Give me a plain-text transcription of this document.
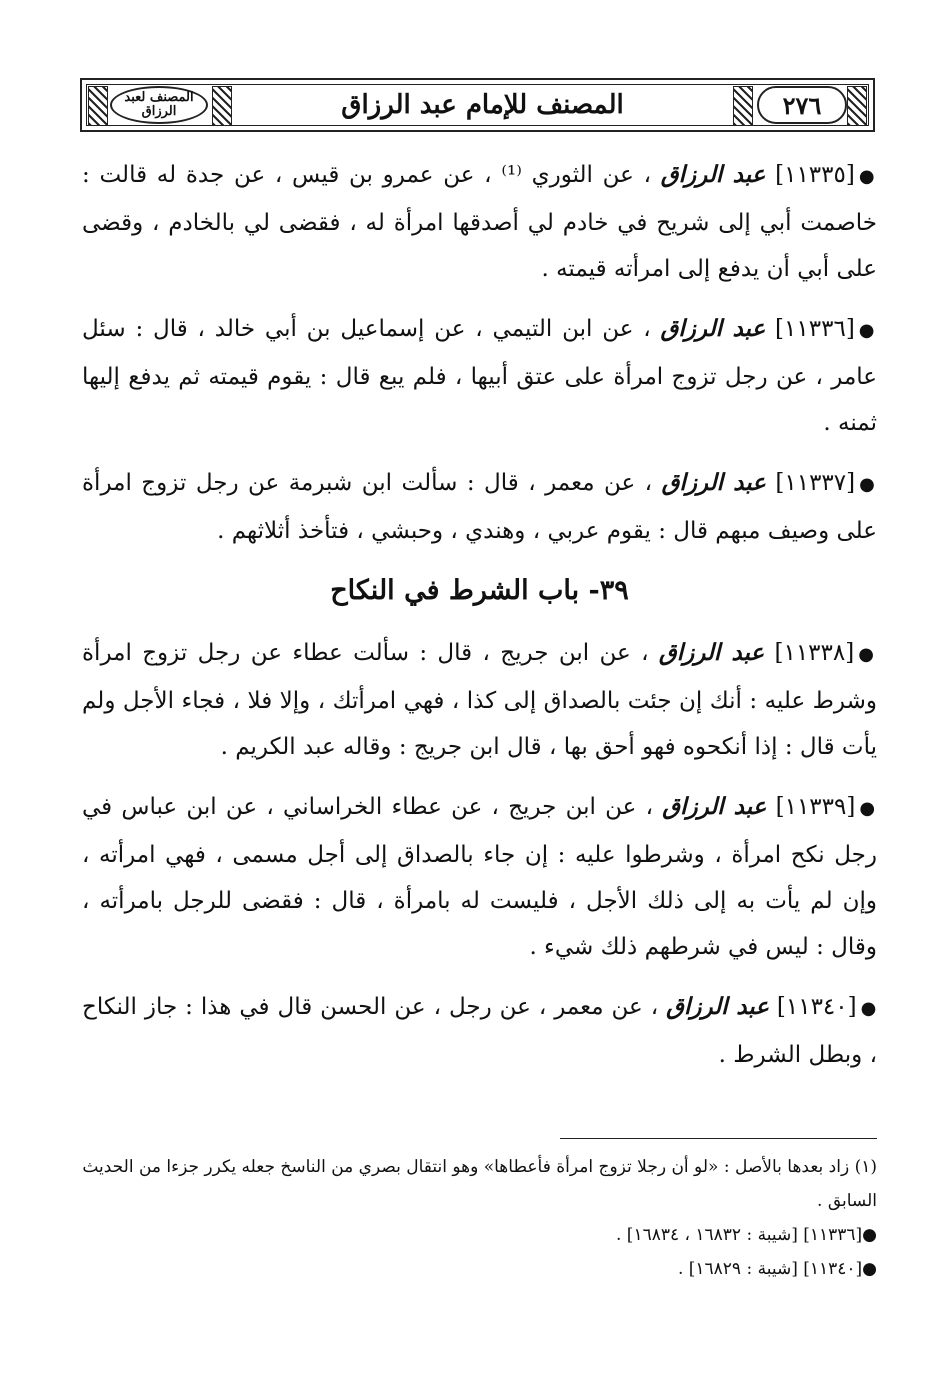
المصنف لعبد الرزاق	المصنف للإمام عبد الرزاق	٢٧٦

●[١١٣٣٥] عبد الرزاق ، عن الثوري ⁽¹⁾ ، عن عمرو بن قيس ، عن جدة له قالت : خاصمت أبي إلى شريح في خادم لي أصدقها امرأة له ، فقضى لي بالخادم ، وقضى على أبي أن يدفع إلى امرأته قيمته .

●[١١٣٣٦] عبد الرزاق ، عن ابن التيمي ، عن إسماعيل بن أبي خالد ، قال : سئل عامر ، عن رجل تزوج امرأة على عتق أبيها ، فلم يبع قال : يقوم قيمته ثم يدفع إليها ثمنه .

●[١١٣٣٧] عبد الرزاق ، عن معمر ، قال : سألت ابن شبرمة عن رجل تزوج امرأة على وصيف مبهم قال : يقوم عربي ، وهندي ، وحبشي ، فتأخذ أثلاثهم .

٣٩- باب الشرط في النكاح

●[١١٣٣٨] عبد الرزاق ، عن ابن جريج ، قال : سألت عطاء عن رجل تزوج امرأة وشرط عليه : أنك إن جئت بالصداق إلى كذا ، فهي امرأتك ، وإلا فلا ، فجاء الأجل ولم يأت قال : إذا أنكحوه فهو أحق بها ، قال ابن جريج : وقاله عبد الكريم .

●[١١٣٣٩] عبد الرزاق ، عن ابن جريج ، عن عطاء الخراساني ، عن ابن عباس في رجل نكح امرأة ، وشرطوا عليه : إن جاء بالصداق إلى أجل مسمى ، فهي امرأته ، وإن لم يأت به إلى ذلك الأجل ، فليست له بامرأة ، قال : فقضى للرجل بامرأته ، وقال : ليس في شرطهم ذلك شيء .

●[١١٣٤٠] عبد الرزاق ، عن معمر ، عن رجل ، عن الحسن قال في هذا : جاز النكاح ، وبطل الشرط .

(١) زاد بعدها بالأصل : «لو أن رجلا تزوج امرأة فأعطاها» وهو انتقال بصري من الناسخ جعله يكرر جزءا من الحديث السابق .

●[١١٣٣٦] [شيبة : ١٦٨٣٢ ، ١٦٨٣٤] .

●[١١٣٤٠] [شيبة : ١٦٨٢٩] .
